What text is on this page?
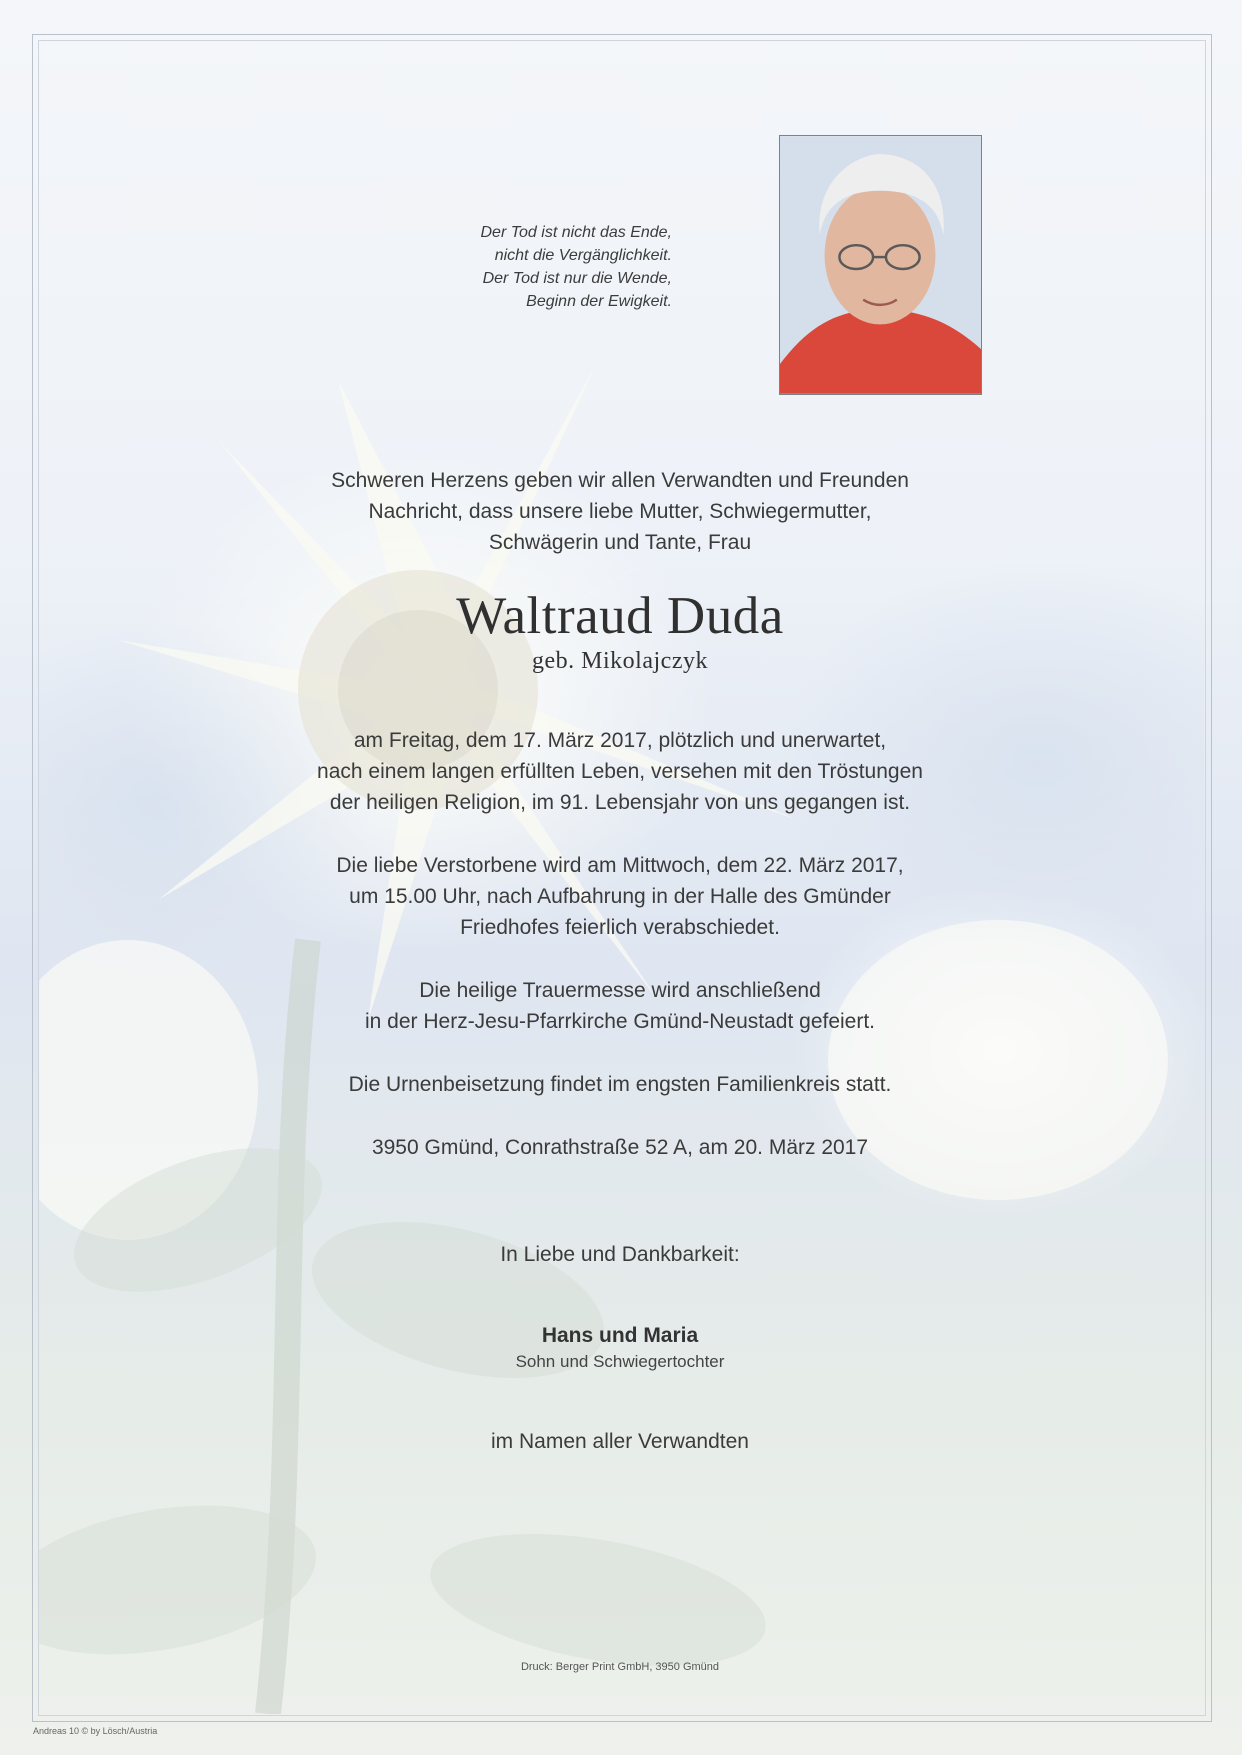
Der Tod ist nicht das Ende,
nicht die Vergänglichkeit.
Der Tod ist nur die Wende,
Beginn der Ewigkeit.
Schweren Herzens geben wir allen Verwandten und Freunden
Nachricht, dass unsere liebe Mutter, Schwiegermutter,
Schwägerin und Tante, Frau
Waltraud Duda
geb. Mikolajczyk
am Freitag, dem 17. März 2017, plötzlich und unerwartet,
nach einem langen erfüllten Leben, versehen mit den Tröstungen
der heiligen Religion, im 91. Lebensjahr von uns gegangen ist.
Die liebe Verstorbene wird am Mittwoch, dem 22. März 2017,
um 15.00 Uhr, nach Aufbahrung in der Halle des Gmünder
Friedhofes feierlich verabschiedet.
Die heilige Trauermesse wird anschließend
in der Herz-Jesu-Pfarrkirche Gmünd-Neustadt gefeiert.
Die Urnenbeisetzung findet im engsten Familienkreis statt.
3950 Gmünd, Conrathstraße 52 A, am 20. März 2017
In Liebe und Dankbarkeit:
Hans und Maria
Sohn und Schwiegertochter
im Namen aller Verwandten
Druck: Berger Print GmbH, 3950 Gmünd
Andreas 10 © by Lösch/Austria
